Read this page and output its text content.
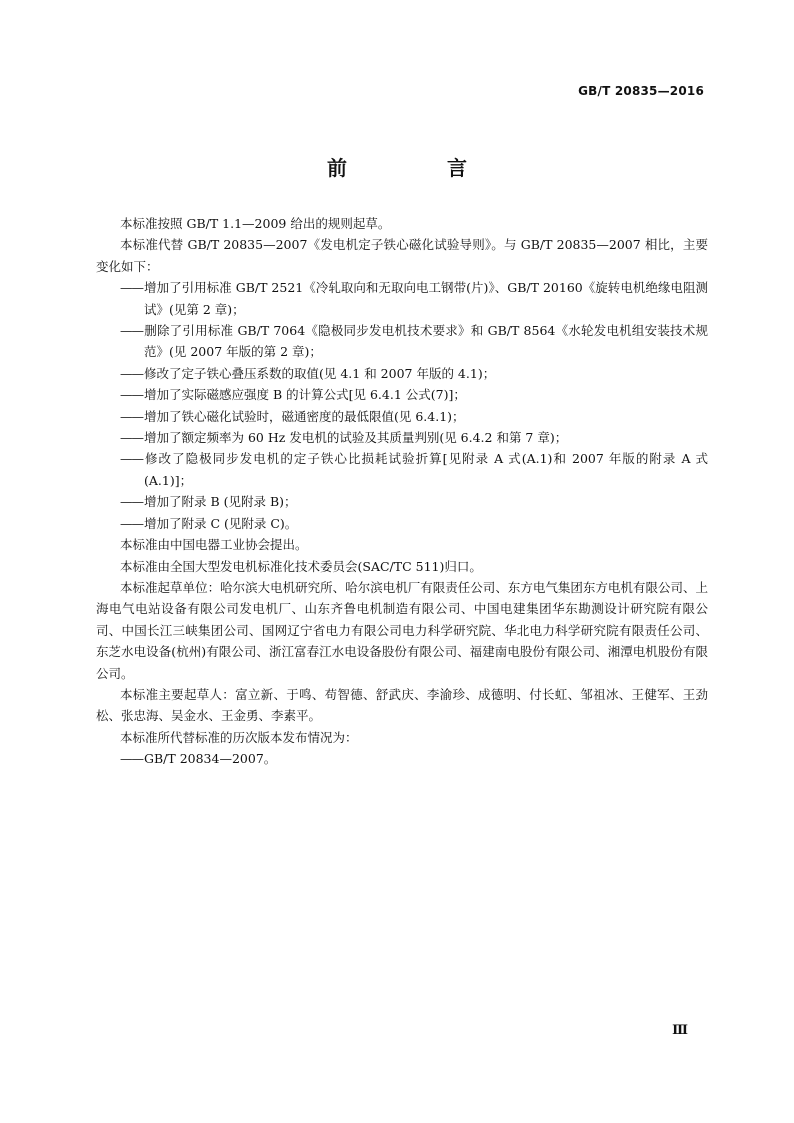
GB/T 20835—2016
前　言

本标准按照 GB/T 1.1—2009 给出的规则起草。

本标准代替 GB/T 20835—2007《发电机定子铁心磁化试验导则》。与 GB/T 20835—2007 相比，主要变化如下：

——增加了引用标准 GB/T 2521《冷轧取向和无取向电工钢带(片)》、GB/T 20160《旋转电机绝缘电阻测试》(见第 2 章)；

——删除了引用标准 GB/T 7064《隐极同步发电机技术要求》和 GB/T 8564《水轮发电机组安装技术规范》(见 2007 年版的第 2 章)；

——修改了定子铁心叠压系数的取值(见 4.1 和 2007 年版的 4.1)；

——增加了实际磁感应强度 B 的计算公式[见 6.4.1 公式(7)]；

——增加了铁心磁化试验时，磁通密度的最低限值(见 6.4.1)；

——增加了额定频率为 60 Hz 发电机的试验及其质量判别(见 6.4.2 和第 7 章)；

——修改了隐极同步发电机的定子铁心比损耗试验折算[见附录 A 式(A.1)和 2007 年版的附录 A 式(A.1)]；

——增加了附录 B (见附录 B)；

——增加了附录 C (见附录 C)。

本标准由中国电器工业协会提出。

本标准由全国大型发电机标准化技术委员会(SAC/TC 511)归口。

本标准起草单位：哈尔滨大电机研究所、哈尔滨电机厂有限责任公司、东方电气集团东方电机有限公司、上海电气电站设备有限公司发电机厂、山东齐鲁电机制造有限公司、中国电建集团华东勘测设计研究院有限公司、中国长江三峡集团公司、国网辽宁省电力有限公司电力科学研究院、华北电力科学研究院有限责任公司、东芝水电设备(杭州)有限公司、浙江富春江水电设备股份有限公司、福建南电股份有限公司、湘潭电机股份有限公司。

本标准主要起草人：富立新、于鸣、苟智德、舒武庆、李渝珍、成德明、付长虹、邹祖冰、王健军、王劲松、张忠海、吴金水、王金勇、李素平。

本标准所代替标准的历次版本发布情况为：

——GB/T 20834—2007。

Ⅲ
